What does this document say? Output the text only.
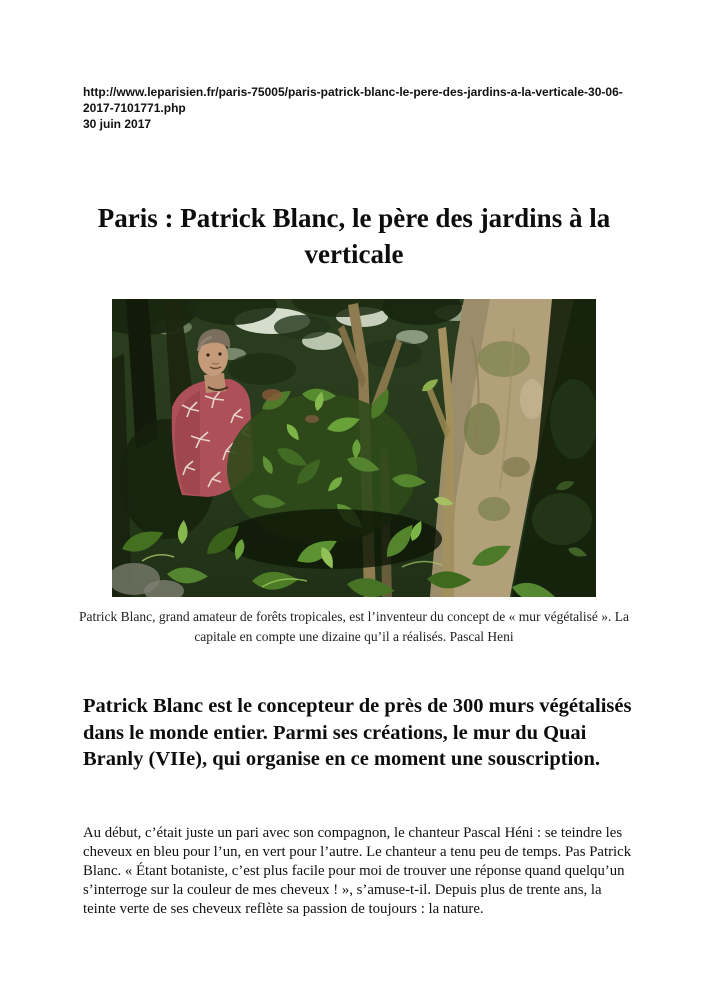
http://www.leparisien.fr/paris-75005/paris-patrick-blanc-le-pere-des-jardins-a-la-verticale-30-06-2017-7101771.php
30 juin 2017
Paris : Patrick Blanc, le père des jardins à la verticale
Patrick Blanc, grand amateur de forêts tropicales, est l’inventeur du concept de « mur végétalisé ». La capitale en compte une dizaine qu’il a réalisés. Pascal Heni
Patrick Blanc est le concepteur de près de 300 murs végétalisés dans le monde entier. Parmi ses créations, le mur du Quai Branly (VIIe), qui organise en ce moment une souscription.

Au début, c’était juste un pari avec son compagnon, le chanteur Pascal Héni : se teindre les cheveux en bleu pour l’un, en vert pour l’autre. Le chanteur a tenu peu de temps. Pas Patrick Blanc. « Étant botaniste, c’est plus facile pour moi de trouver une réponse quand quelqu’un s’interroge sur la couleur de mes cheveux ! », s’amuse-t-il. Depuis plus de trente ans, la teinte verte de ses cheveux reflète sa passion de toujours : la nature.
